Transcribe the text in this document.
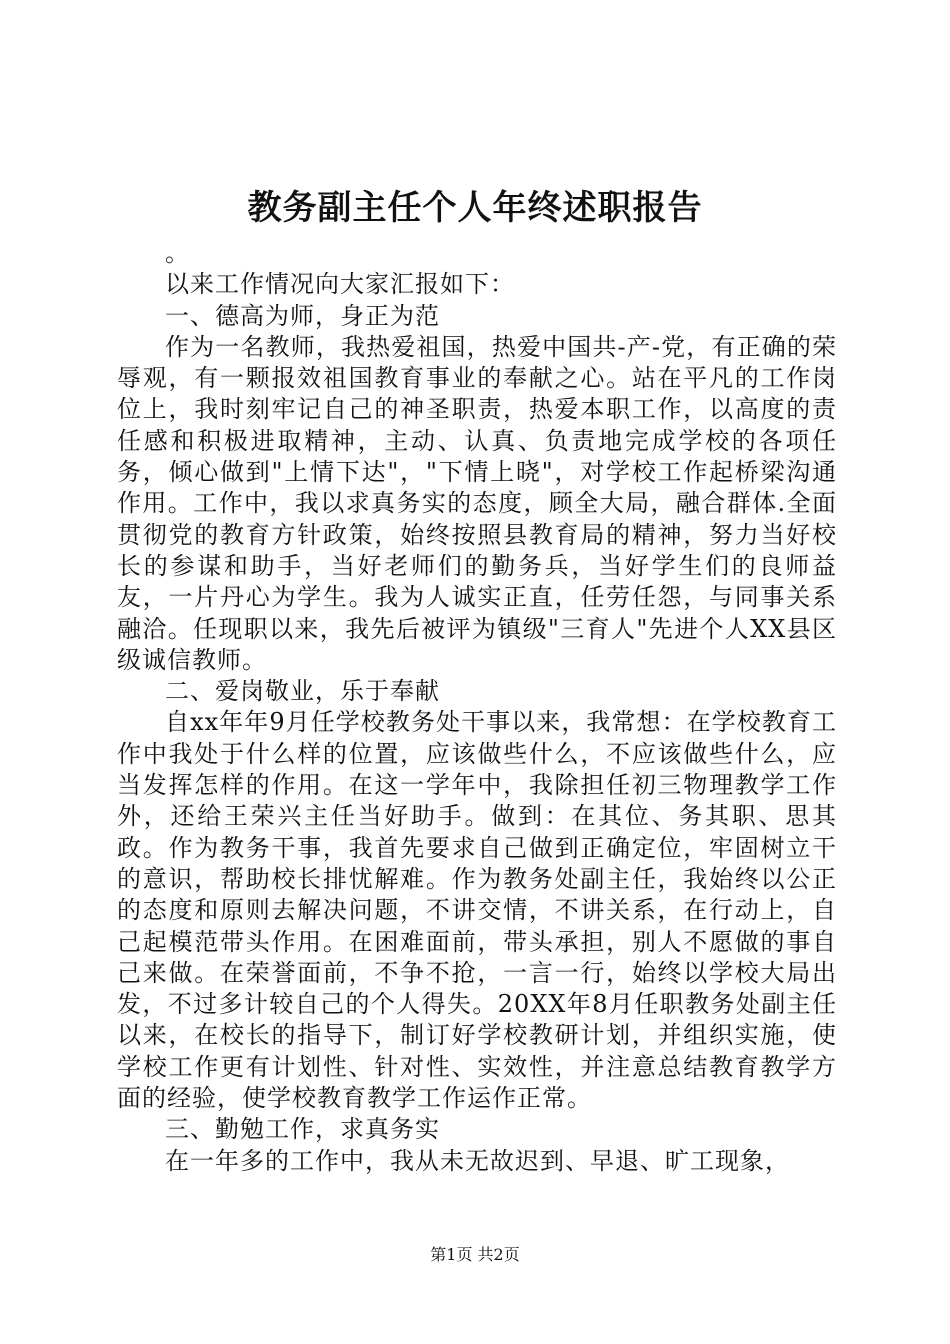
教务副主任个人年终述职报告

。

以来工作情况向大家汇报如下：

一、德高为师，身正为范

作为一名教师，我热爱祖国，热爱中国共-产-党，有正确的荣辱观，有一颗报效祖国教育事业的奉献之心。站在平凡的工作岗位上，我时刻牢记自己的神圣职责，热爱本职工作，以高度的责任感和积极进取精神，主动、认真、负责地完成学校的各项任务，倾心做到"上情下达"，"下情上晓"，对学校工作起桥梁沟通作用。工作中，我以求真务实的态度，顾全大局，融合群体.全面贯彻党的教育方针政策，始终按照县教育局的精神，努力当好校长的参谋和助手，当好老师们的勤务兵，当好学生们的良师益友，一片丹心为学生。我为人诚实正直，任劳任怨，与同事关系融洽。任现职以来，我先后被评为镇级"三育人"先进个人XX县区级诚信教师。

二、爱岗敬业，乐于奉献

自xx年年9月任学校教务处干事以来，我常想：在学校教育工作中我处于什么样的位置，应该做些什么，不应该做些什么，应当发挥怎样的作用。在这一学年中，我除担任初三物理教学工作外，还给王荣兴主任当好助手。做到：在其位、务其职、思其政。作为教务干事，我首先要求自己做到正确定位，牢固树立干的意识，帮助校长排忧解难。作为教务处副主任，我始终以公正的态度和原则去解决问题，不讲交情，不讲关系，在行动上，自己起模范带头作用。在困难面前，带头承担，别人不愿做的事自己来做。在荣誉面前，不争不抢，一言一行，始终以学校大局出发，不过多计较自己的个人得失。20XX年8月任职教务处副主任以来，在校长的指导下，制订好学校教研计划，并组织实施，使学校工作更有计划性、针对性、实效性，并注意总结教育教学方面的经验，使学校教育教学工作运作正常。

三、勤勉工作，求真务实

在一年多的工作中，我从未无故迟到、早退、旷工现象，

第1页 共2页
